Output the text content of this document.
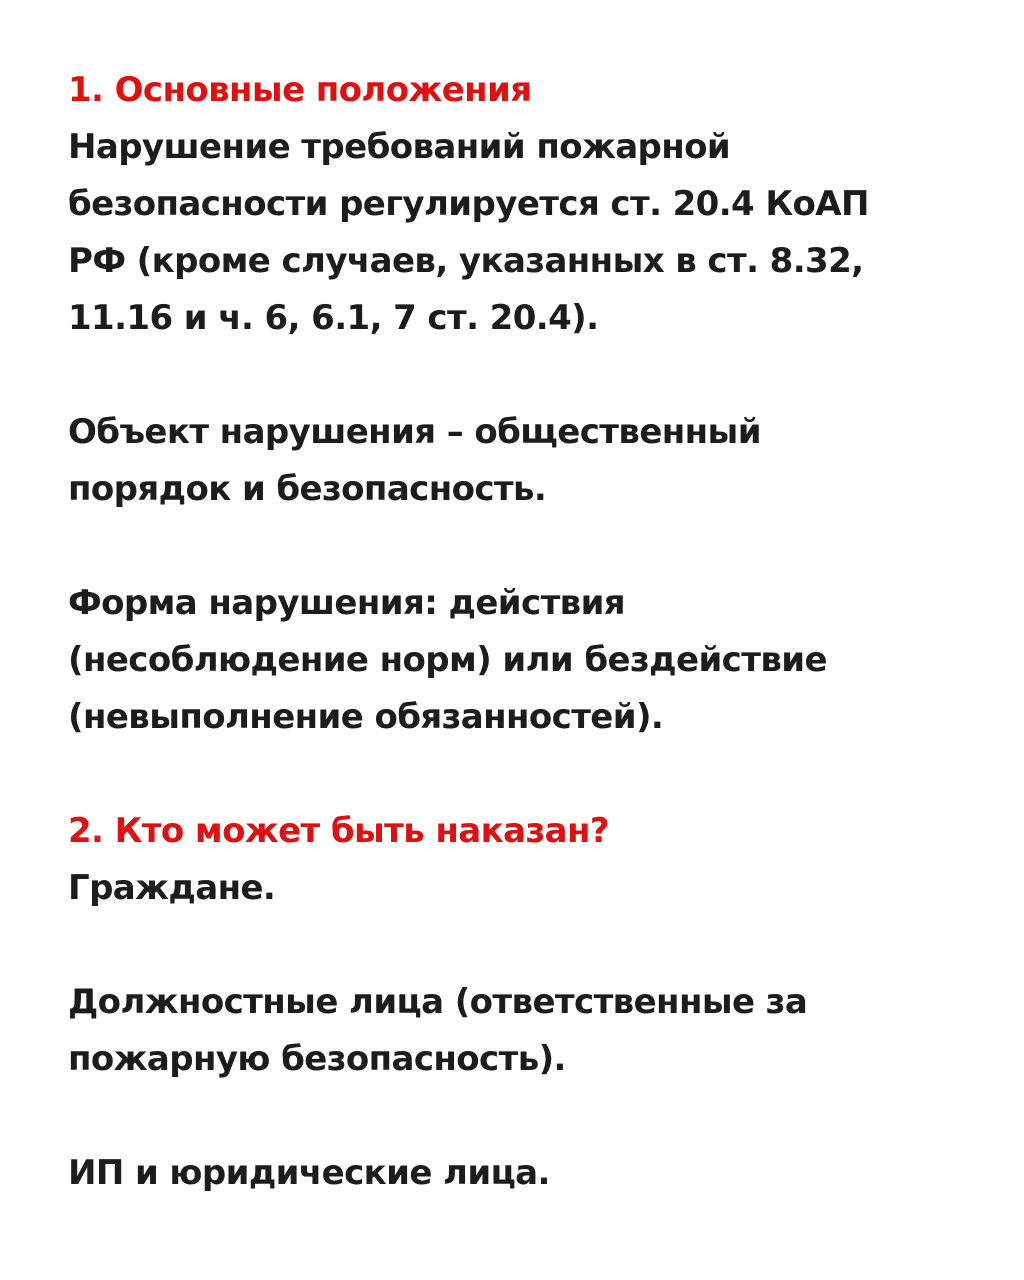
1. Основные положения
Нарушение требований пожарной
безопасности регулируется ст. 20.4 КоАП
РФ (кроме случаев, указанных в ст. 8.32,
11.16 и ч. 6, 6.1, 7 ст. 20.4).
Объект нарушения – общественный
порядок и безопасность.
Форма нарушения: действия
(несоблюдение норм) или бездействие
(невыполнение обязанностей).
2. Кто может быть наказан?
Граждане.
Должностные лица (ответственные за
пожарную безопасность).
ИП и юридические лица.
